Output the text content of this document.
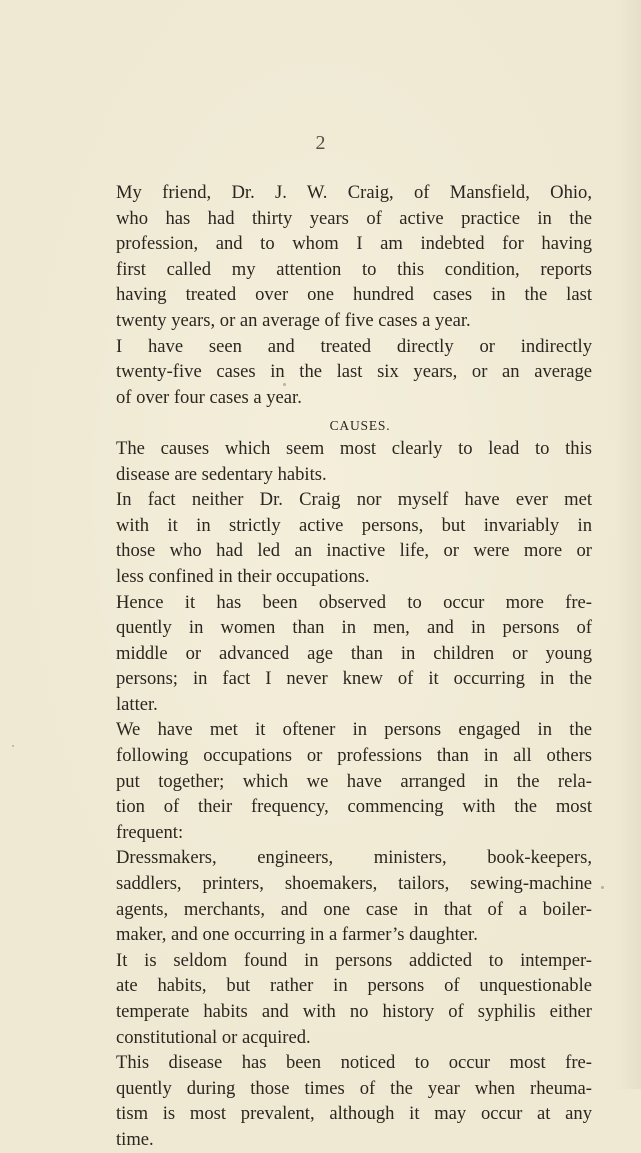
2
My friend, Dr. J. W. Craig, of Mansfield, Ohio,
who has had thirty years of active practice in the
profession, and to whom I am indebted for having
first called my attention to this condition, reports
having treated over one hundred cases in the last
twenty years, or an average of five cases a year.
I have seen and treated directly or indirectly
twenty-five cases in the last six years, or an average
of over four cases a year.
CAUSES.
The causes which seem most clearly to lead to this
disease are sedentary habits.
In fact neither Dr. Craig nor myself have ever met
with it in strictly active persons, but invariably in
those who had led an inactive life, or were more or
less confined in their occupations.
Hence it has been observed to occur more fre-
quently in women than in men, and in persons of
middle or advanced age than in children or young
persons; in fact I never knew of it occurring in the
latter.
We have met it oftener in persons engaged in the
following occupations or professions than in all others
put together; which we have arranged in the rela-
tion of their frequency, commencing with the most
frequent:
Dressmakers, engineers, ministers, book-keepers,
saddlers, printers, shoemakers, tailors, sewing-machine
agents, merchants, and one case in that of a boiler-
maker, and one occurring in a farmer’s daughter.
It is seldom found in persons addicted to intemper-
ate habits, but rather in persons of unquestionable
temperate habits and with no history of syphilis either
constitutional or acquired.
This disease has been noticed to occur most fre-
quently during those times of the year when rheuma-
tism is most prevalent, although it may occur at any
time.
